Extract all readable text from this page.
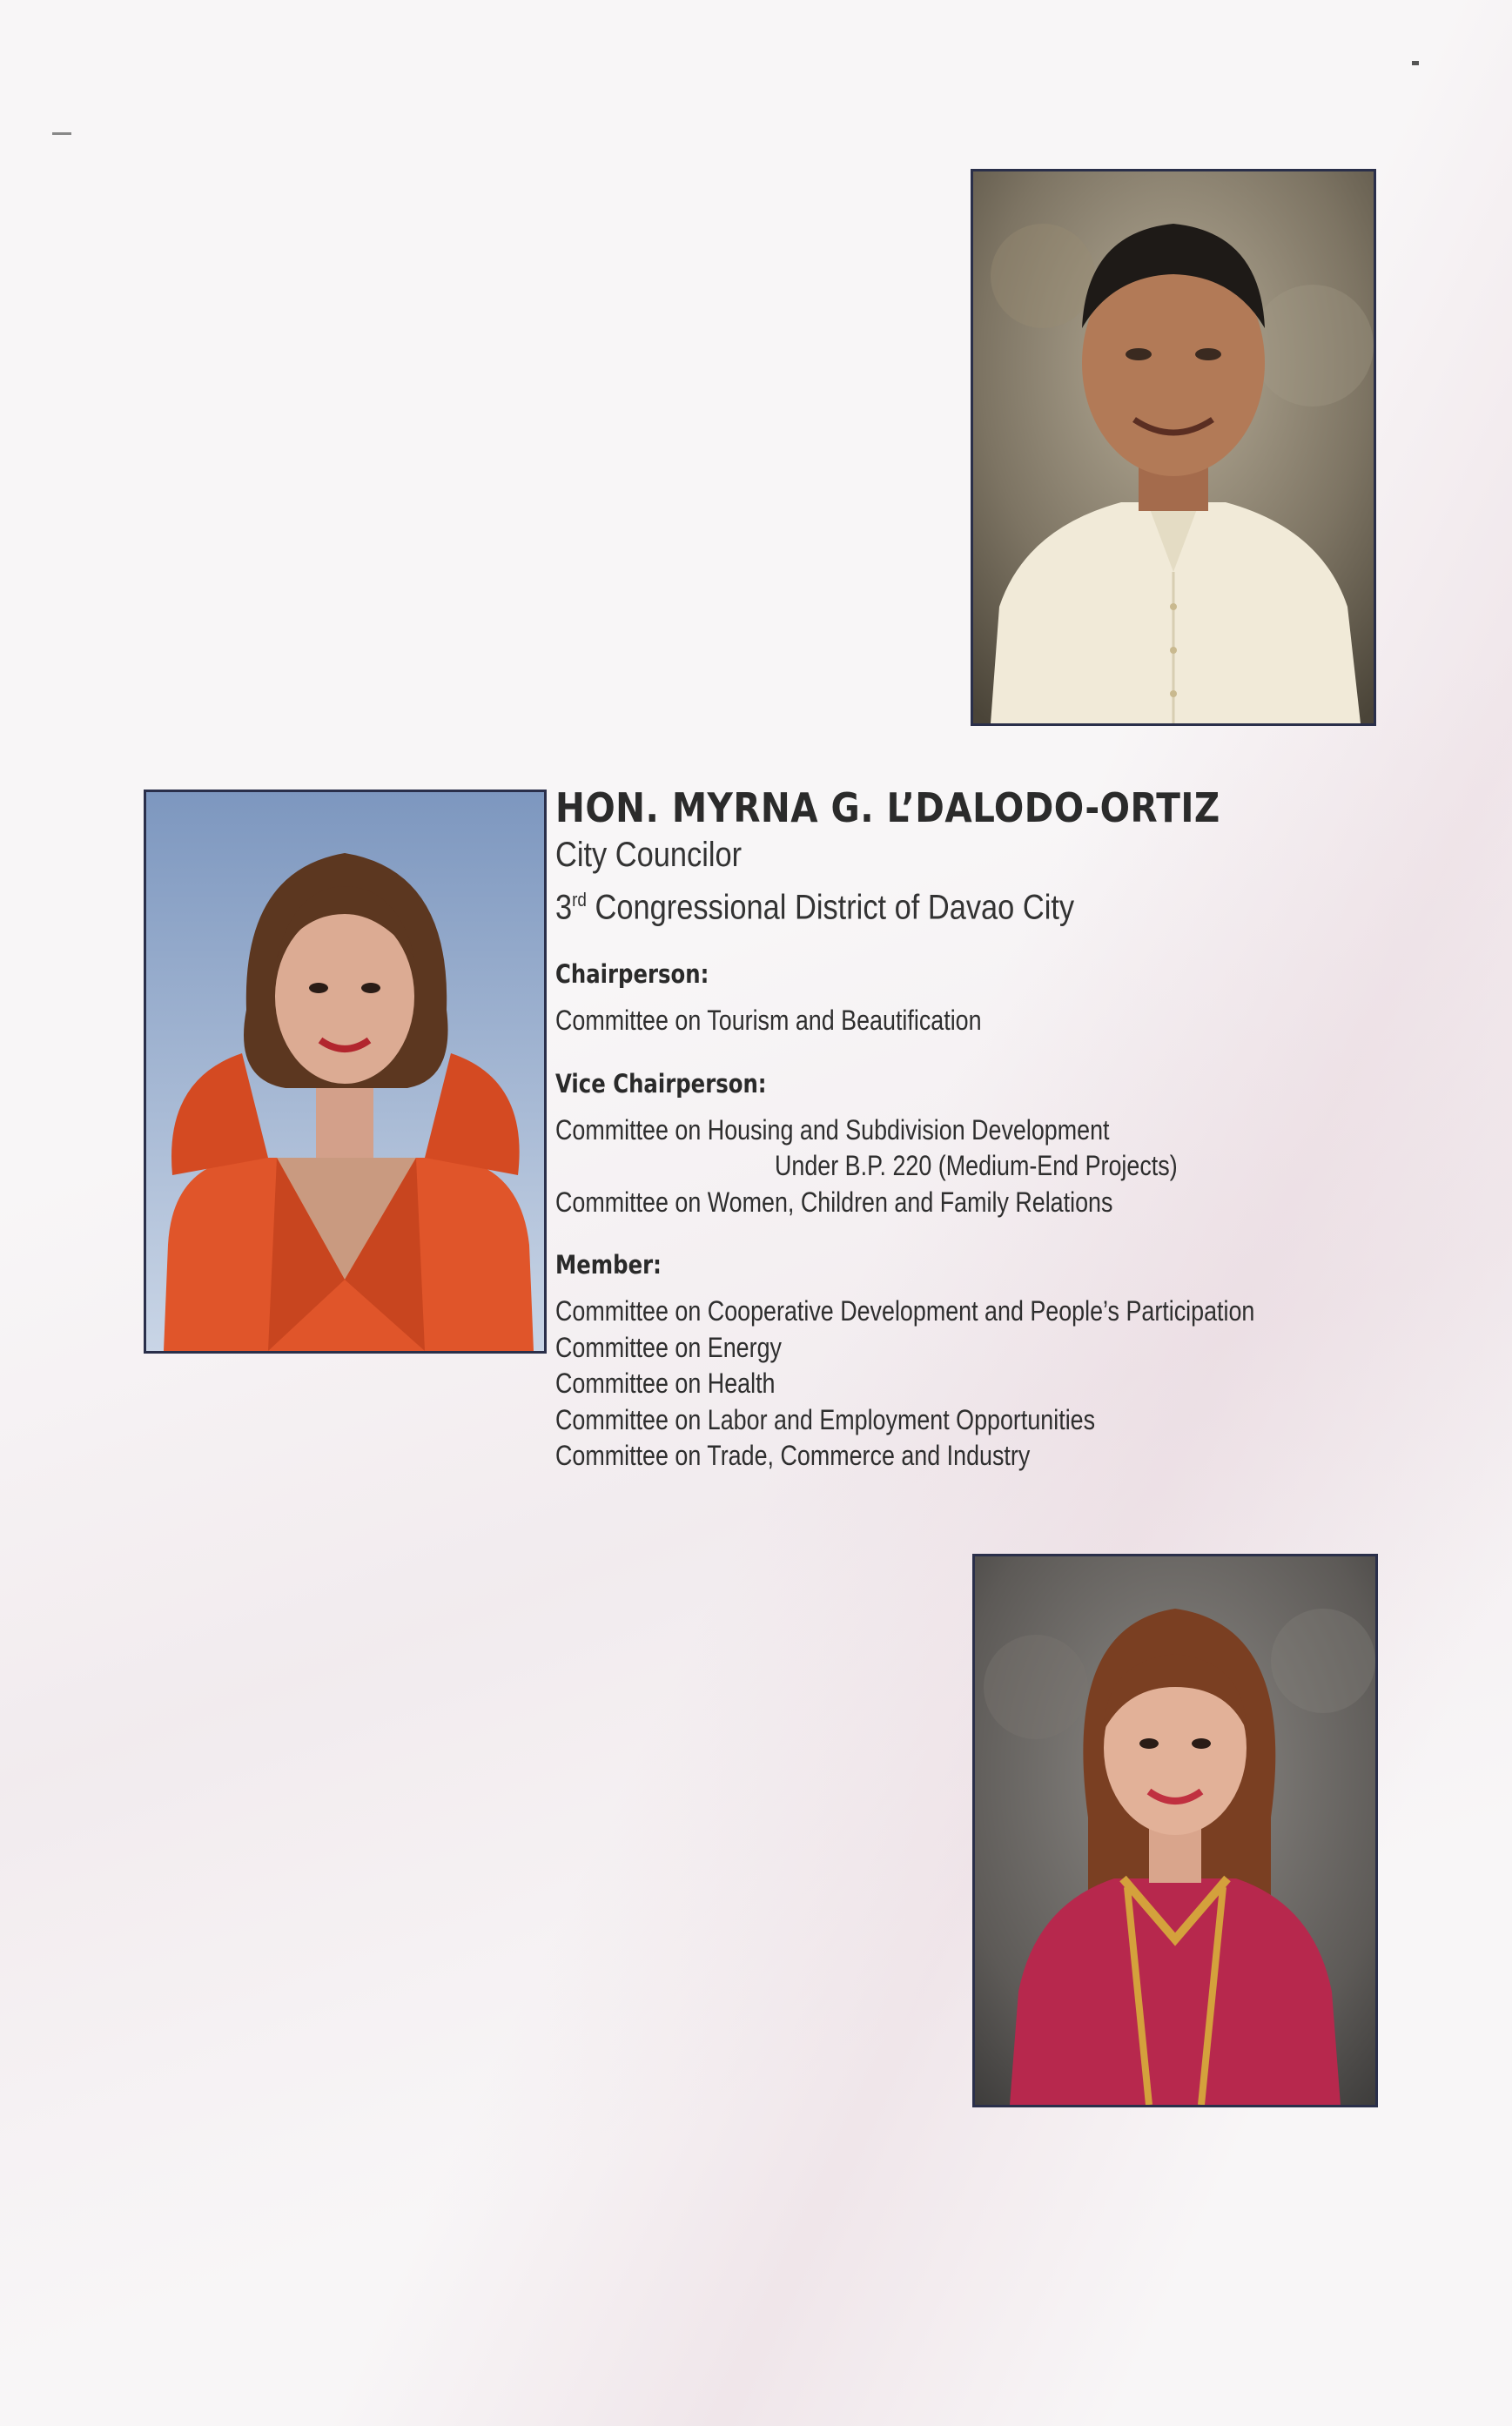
HON. MYRNA G. L’DALODO-ORTIZ
City Councilor
3rd Congressional District of Davao City
Chairperson:
Committee on Tourism and Beautification
Vice Chairperson:
Committee on Housing and Subdivision Development
Under B.P. 220 (Medium-End Projects)
Committee on Women, Children and Family Relations
Member:
Committee on Cooperative Development and People’s Participation
Committee on Energy
Committee on Health
Committee on Labor and Employment Opportunities
Committee on Trade, Commerce and Industry
